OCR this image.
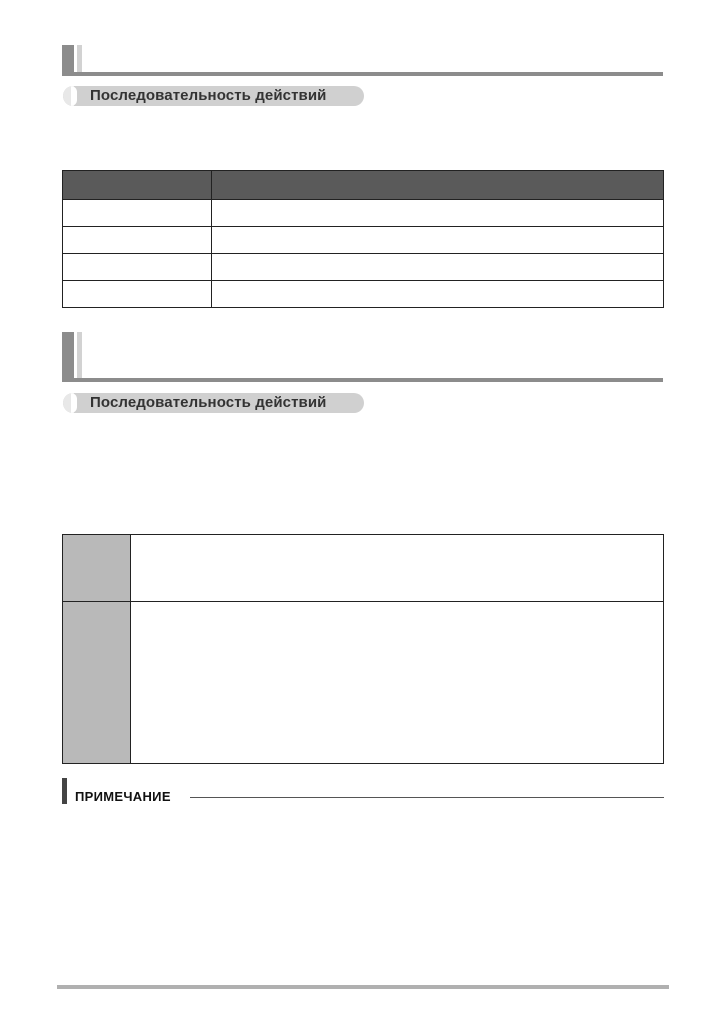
Последовательность действий

Последовательность действий

ПРИМЕЧАНИЕ
